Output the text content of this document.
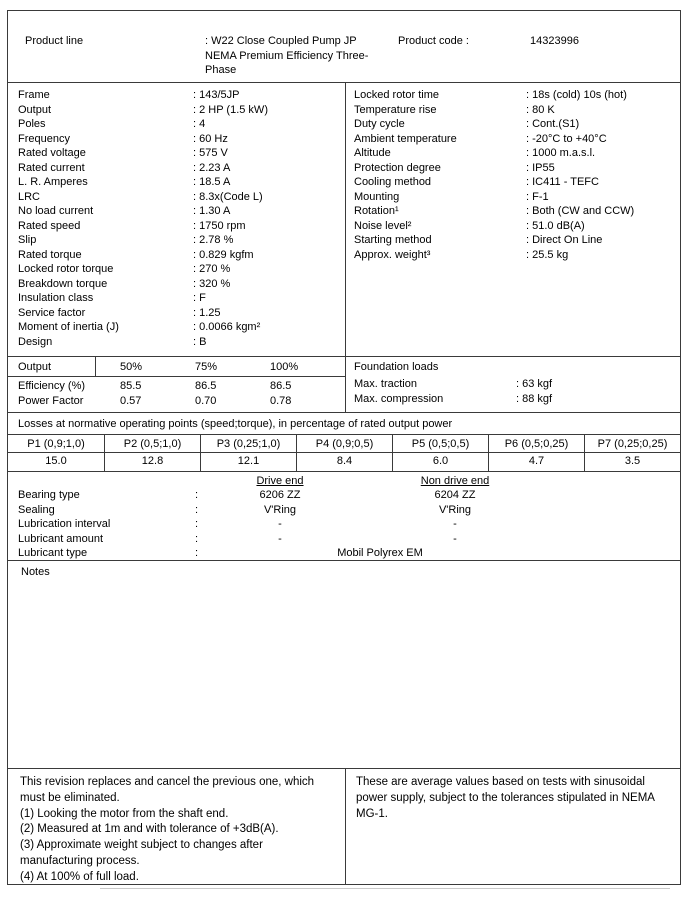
Product line	: W22 Close Coupled Pump JP NEMA Premium Efficiency Three-Phase
Product code :	14323996
Frame	: 143/5JP
Output	: 2 HP (1.5 kW)
Poles	: 4
Frequency	: 60 Hz
Rated voltage	: 575 V
Rated current	: 2.23 A
L. R. Amperes	: 18.5 A
LRC	: 8.3x(Code L)
No load current	: 1.30 A
Rated speed	: 1750 rpm
Slip	: 2.78 %
Rated torque	: 0.829 kgfm
Locked rotor torque	: 270 %
Breakdown torque	: 320 %
Insulation class	: F
Service factor	: 1.25
Moment of inertia (J)	: 0.0066 kgm²
Design	: B
Locked rotor time	: 18s (cold) 10s (hot)
Temperature rise	: 80 K
Duty cycle	: Cont.(S1)
Ambient temperature	: -20°C to +40°C
Altitude	: 1000 m.a.s.l.
Protection degree	: IP55
Cooling method	: IC411 - TEFC
Mounting	: F-1
Rotation¹	: Both (CW and CCW)
Noise level²	: 51.0 dB(A)
Starting method	: Direct On Line
Approx. weight³	: 25.5 kg
Output	50%	75%	100%
Efficiency (%)	85.5	86.5	86.5
Power Factor	0.57	0.70	0.78
Foundation loads
Max. traction	: 63 kgf
Max. compression	: 88 kgf
Losses at normative operating points (speed;torque), in percentage of rated output power
P1 (0,9;1,0)	P2 (0,5;1,0)	P3 (0,25;1,0)	P4 (0,9;0,5)	P5 (0,5;0,5)	P6 (0,5;0,25)	P7 (0,25;0,25)
15.0	12.8	12.1	8.4	6.0	4.7	3.5
Drive end	Non drive end
Bearing type	:	6206 ZZ	6204 ZZ
Sealing	:	V'Ring	V'Ring
Lubrication interval	:	-	-
Lubricant amount	:	-	-
Lubricant type	:	Mobil Polyrex EM
Notes
This revision replaces and cancel the previous one, which must be eliminated.
(1) Looking the motor from the shaft end.
(2) Measured at 1m and with tolerance of +3dB(A).
(3) Approximate weight subject to changes after manufacturing process.
(4) At 100% of full load.
These are average values based on tests with sinusoidal power supply, subject to the tolerances stipulated in NEMA MG-1.
